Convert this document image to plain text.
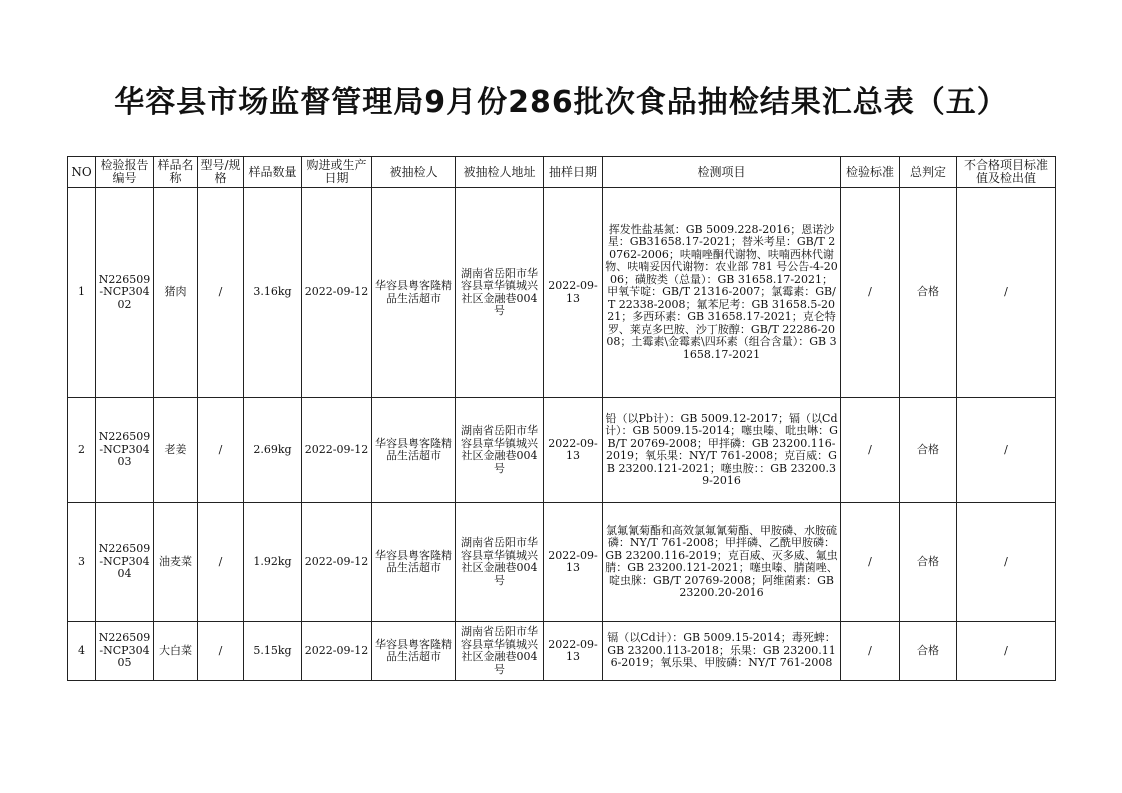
华容县市场监督管理局9月份286批次食品抽检结果汇总表（五）
NO	检验报告编号	样品名称	型号/规格	样品数量	购进或生产日期	被抽检人	被抽检人地址	抽样日期	检测项目	检验标准	总判定	不合格项目标准值及检出值
1	N226509-NCP30402	猪肉	/	3.16kg	2022-09-12	华容县粤客隆精品生活超市	湖南省岳阳市华容县章华镇城兴社区金融巷004号	2022-09-13	挥发性盐基氮：GB 5009.228-2016；恩诺沙星：GB31658.17-2021；替米考星：GB/T 20762-2006；呋喃唑酮代谢物、呋喃西林代谢物、呋喃妥因代谢物：农业部 781 号公告-4-2006；磺胺类（总量）：GB 31658.17-2021；甲氧苄啶：GB/T 21316-2007；氯霉素：GB/T 22338-2008；氟苯尼考：GB 31658.5-2021；多西环素：GB 31658.17-2021；克仑特罗、莱克多巴胺、沙丁胺醇：GB/T 22286-2008；土霉素\金霉素\四环素（组合含量）：GB 31658.17-2021	/	合格	/
2	N226509-NCP30403	老姜	/	2.69kg	2022-09-12	华容县粤客隆精品生活超市	湖南省岳阳市华容县章华镇城兴社区金融巷004号	2022-09-13	铅（以Pb计）：GB 5009.12-2017；镉（以Cd计）：GB 5009.15-2014；噻虫嗪、吡虫啉：GB/T 20769-2008；甲拌磷：GB 23200.116-2019；氧乐果：NY/T 761-2008；克百威：GB 23200.121-2021；噻虫胺：：GB 23200.39-2016	/	合格	/
3	N226509-NCP30404	油麦菜	/	1.92kg	2022-09-12	华容县粤客隆精品生活超市	湖南省岳阳市华容县章华镇城兴社区金融巷004号	2022-09-13	氯氟氰菊酯和高效氯氟氰菊酯、甲胺磷、水胺硫磷：NY/T 761-2008；甲拌磷、乙酰甲胺磷：GB 23200.116-2019；克百威、灭多威、氟虫腈：GB 23200.121-2021；噻虫嗪、腈菌唑、啶虫脒：GB/T 20769-2008；阿维菌素：GB 23200.20-2016	/	合格	/
4	N226509-NCP30405	大白菜	/	5.15kg	2022-09-12	华容县粤客隆精品生活超市	湖南省岳阳市华容县章华镇城兴社区金融巷004号	2022-09-13	镉（以Cd计）：GB 5009.15-2014；毒死蜱：GB 23200.113-2018；乐果：GB 23200.116-2019；氧乐果、甲胺磷：NY/T 761-2008	/	合格	/
